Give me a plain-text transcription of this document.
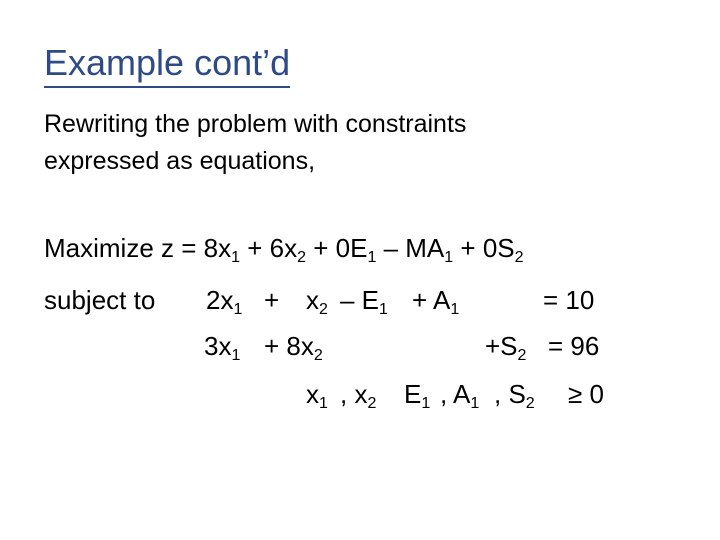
Example cont’d
Rewriting the problem with constraints
expressed as equations,
Maximize $z = 8x_1 + 6x_2 + 0E_1 - MA_1 + 0S_2$
subject to $2x_1 + x_2 - E_1 + A_1$	= 10
$3x_1 + 8x_2$	$+S_2 = 96$
$x_1$ , $x_2$ $E_1$ , $A_1$ , $S_2 \ge 0$
